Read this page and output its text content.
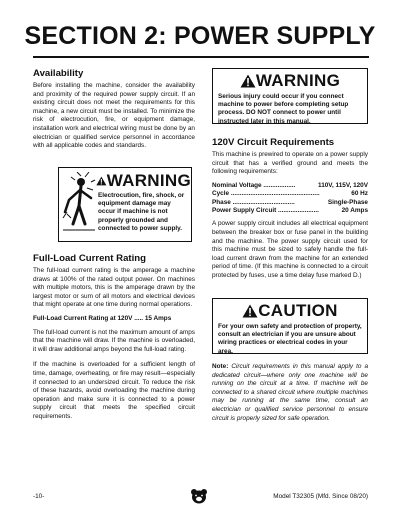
SECTION 2: POWER SUPPLY
Availability

Before installing the machine, consider the availability and proximity of the required power supply circuit. If an existing circuit does not meet the requirements for this machine, a new circuit must be installed. To minimize the risk of electrocution, fire, or equipment damage, installation work and electrical wiring must be done by an electrician or qualified service personnel in accordance with all applicable codes and standards.

WARNING
Electrocution, fire, shock, or equipment damage may occur if machine is not properly grounded and connected to power supply.
Full-Load Current Rating

The full-load current rating is the amperage a machine draws at 100% of the rated output power. On machines with multiple motors, this is the amperage drawn by the largest motor or sum of all motors and electrical devices that might operate at one time during normal operations.

Full-Load Current Rating at 120V ..... 15 Amps

The full-load current is not the maximum amount of amps that the machine will draw. If the machine is overloaded, it will draw additional amps beyond the full-load rating.

If the machine is overloaded for a sufficient length of time, damage, overheating, or fire may result—especially if connected to an undersized circuit. To reduce the risk of these hazards, avoid overloading the machine during operation and make sure it is connected to a power supply circuit that meets the specified circuit requirements.

WARNING
Serious injury could occur if you connect machine to power before completing setup process. DO NOT connect to power until instructed later in this manual.
120V Circuit Requirements

This machine is prewired to operate on a power supply circuit that has a verified ground and meets the following requirements:

Nominal Voltage ..................	110V, 115V, 120V
Cycle ..................................................	60 Hz
Phase ...................................	Single-Phase
Power Supply Circuit .......................	20 Amps

A power supply circuit includes all electrical equipment between the breaker box or fuse panel in the building and the machine. The power supply circuit used for this machine must be sized to safely handle the full-load current drawn from the machine for an extended period of time. (If this machine is connected to a circuit protected by fuses, use a time delay fuse marked D.)

CAUTION
For your own safety and protection of property, consult an electrician if you are unsure about wiring practices or electrical codes in your area.

Note: Circuit requirements in this manual apply to a dedicated circuit—where only one machine will be running on the circuit at a time. If machine will be connected to a shared circuit where multiple machines may be running at the same time, consult an electrician or qualified service personnel to ensure circuit is properly sized for safe operation.

-10-	Model T32305 (Mfd. Since 08/20)
